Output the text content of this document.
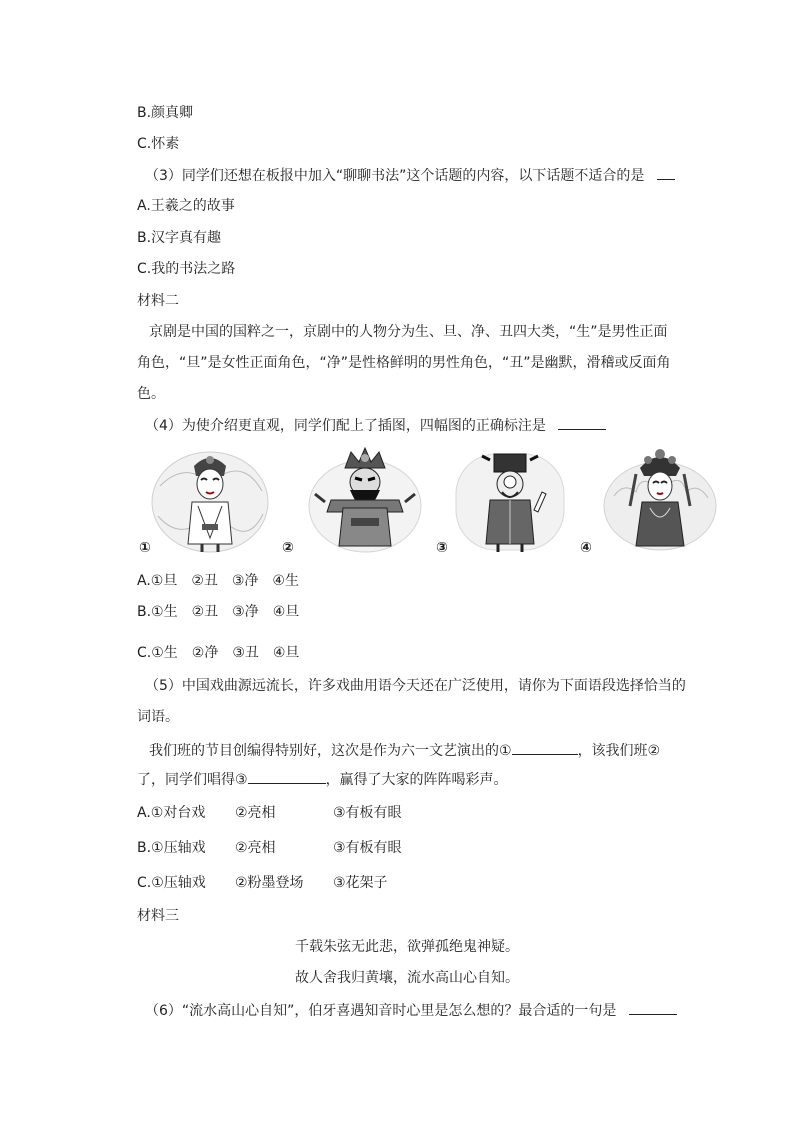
B.颜真卿
C.怀素
（3）同学们还想在板报中加入“聊聊书法”这个话题的内容，以下话题不适合的是
A.王羲之的故事
B.汉字真有趣
C.我的书法之路
材料二
京剧是中国的国粹之一，京剧中的人物分为生、旦、净、丑四大类，“生”是男性正面
角色，“旦”是女性正面角色，“净”是性格鲜明的男性角色，“丑”是幽默，滑稽或反面角
色。
（4）为使介绍更直观，同学们配上了插图，四幅图的正确标注是
①	②	③	④
A.①旦　②丑　③净　④生
B.①生　②丑　③净　④旦
C.①生　②净　③丑　④旦
（5）中国戏曲源远流长，许多戏曲用语今天还在广泛使用，请你为下面语段选择恰当的
词语。
我们班的节目创编得特别好，这次是作为六一文艺演出的①	，该我们班②
了，同学们唱得③	，赢得了大家的阵阵喝彩声。
A.①对台戏 ②亮相	③有板有眼
B.①压轴戏 ②亮相	③有板有眼
C.①压轴戏 ②粉墨登场 ③花架子
材料三
千载朱弦无此悲，欲弹孤绝鬼神疑。
故人舍我归黄壤，流水高山心自知。
（6）“流水高山心自知”，伯牙喜遇知音时心里是怎么想的？最合适的一句是
